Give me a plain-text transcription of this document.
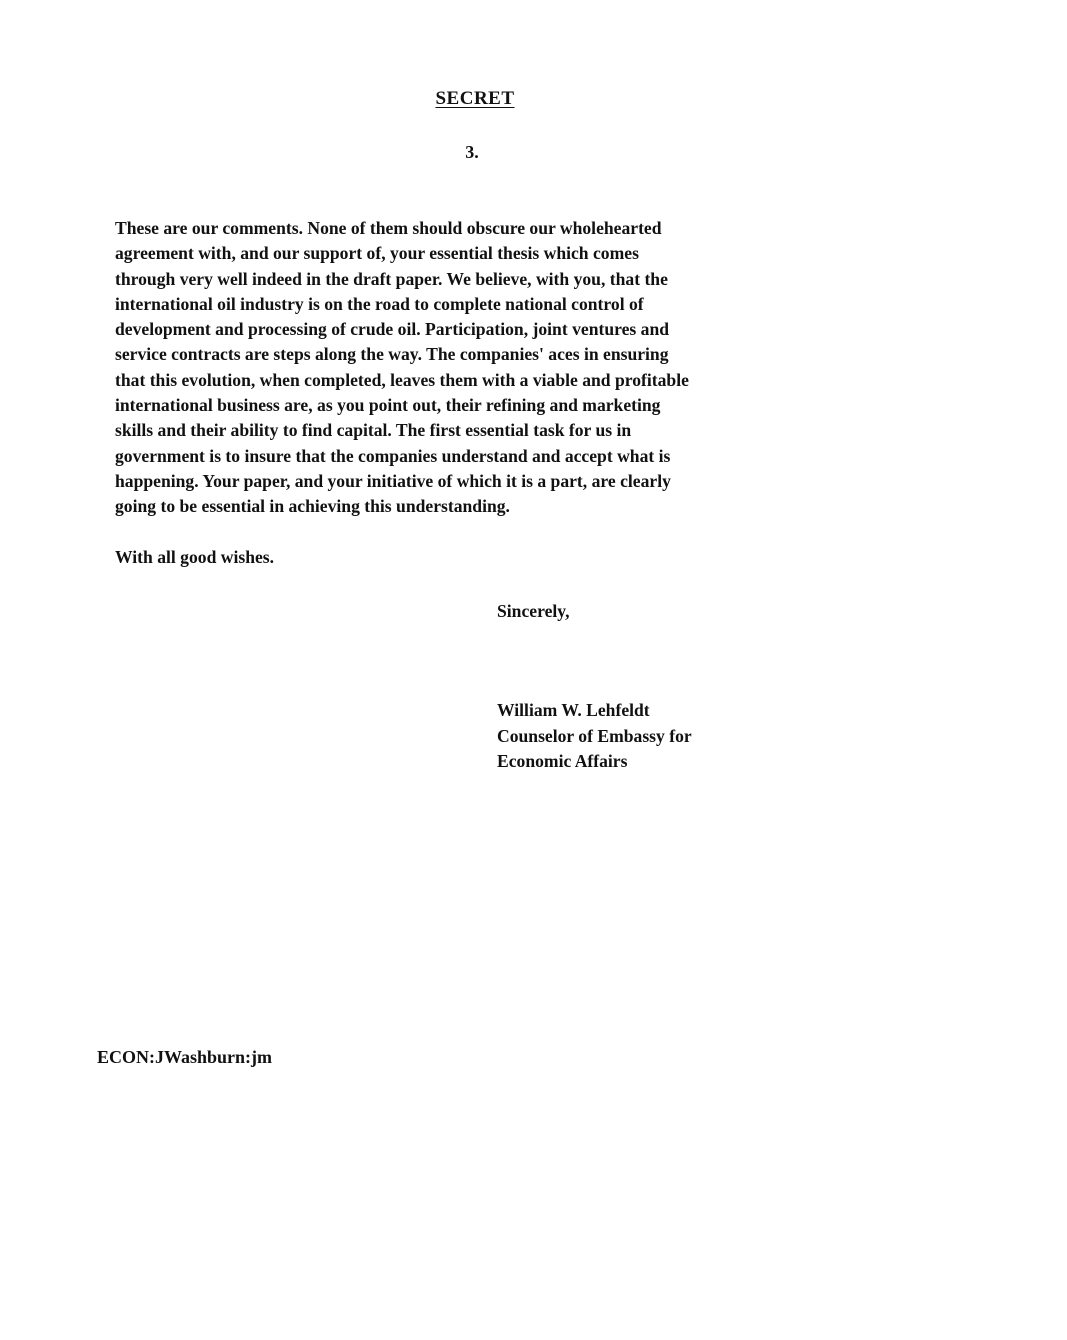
SECRET
3.

These are our comments. None of them should obscure our wholehearted
agreement with, and our support of, your essential thesis which comes
through very well indeed in the draft paper. We believe, with you, that the
international oil industry is on the road to complete national control of
development and processing of crude oil. Participation, joint ventures and
service contracts are steps along the way. The companies' aces in ensuring
that this evolution, when completed, leaves them with a viable and profitable
international business are, as you point out, their refining and marketing
skills and their ability to find capital. The first essential task for us in
government is to insure that the companies understand and accept what is
happening. Your paper, and your initiative of which it is a part, are clearly
going to be essential in achieving this understanding.

With all good wishes.

Sincerely,

William W. Lehfeldt
Counselor of Embassy for
Economic Affairs
ECON:JWashburn:jm
